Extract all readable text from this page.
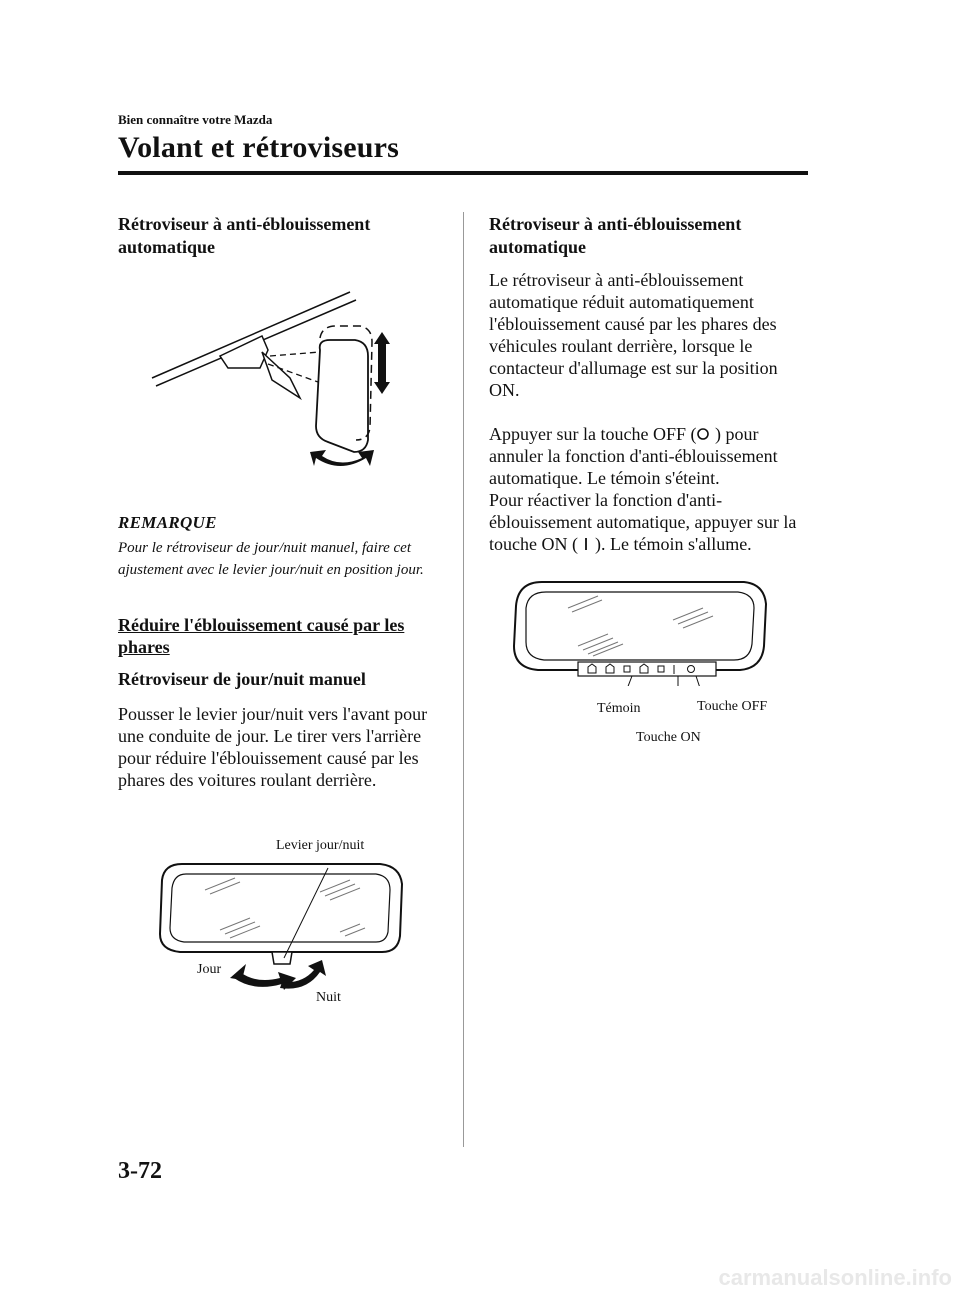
Bien connaître votre Mazda
Volant et rétroviseurs
Rétroviseur à anti-éblouissement automatique
REMARQUE
Pour le rétroviseur de jour/nuit manuel, faire cet ajustement avec le levier jour/nuit en position jour.
Réduire l'éblouissement causé par les phares
Rétroviseur de jour/nuit manuel

Pousser le levier jour/nuit vers l'avant pour une conduite de jour. Le tirer vers l'arrière pour réduire l'éblouissement causé par les phares des voitures roulant derrière.

Levier jour/nuit
Jour
Nuit
Rétroviseur à anti-éblouissement automatique

Le rétroviseur à anti-éblouissement automatique réduit automatiquement l'éblouissement causé par les phares des véhicules roulant derrière, lorsque le contacteur d'allumage est sur la position ON.

Appuyer sur la touche OFF ( ) pour annuler la fonction d'anti-éblouissement automatique. Le témoin s'éteint.
Pour réactiver la fonction d'anti-éblouissement automatique, appuyer sur la touche ON ( ). Le témoin s'allume.

Témoin	Touche OFF
Touche ON
3-72
carmanualsonline.info
